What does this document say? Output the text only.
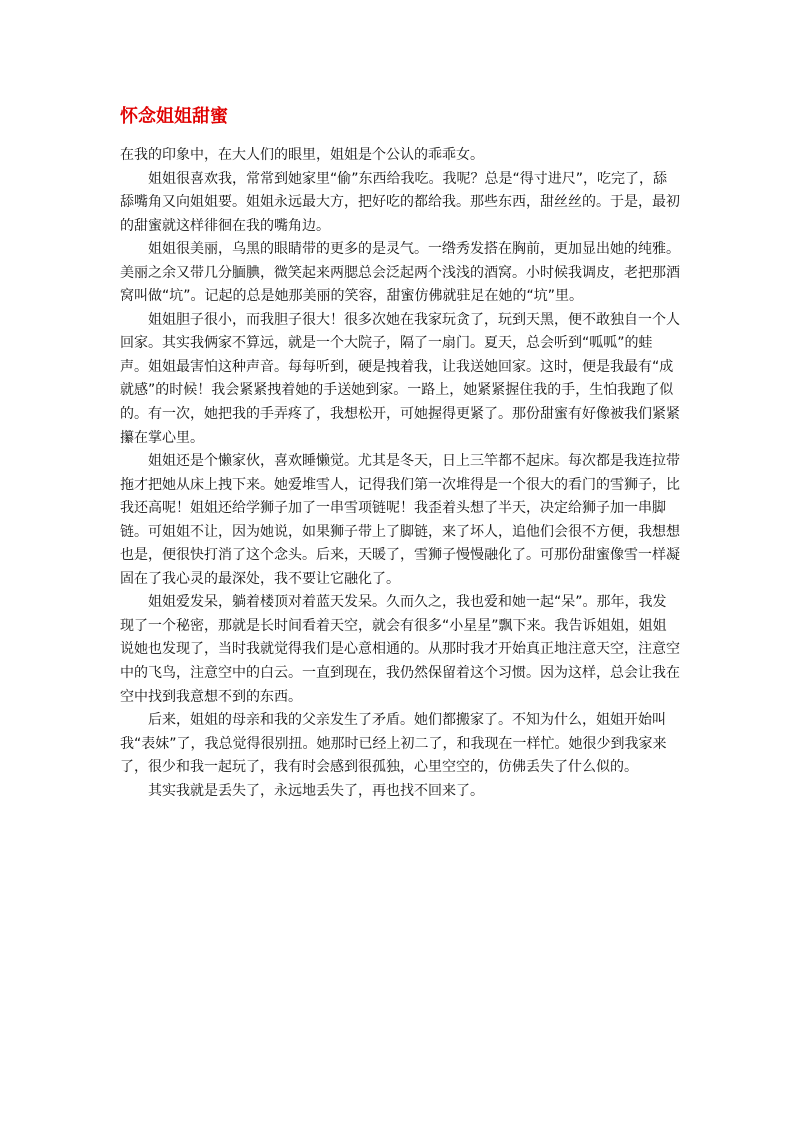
怀念姐姐甜蜜

在我的印象中，在大人们的眼里，姐姐是个公认的乖乖女。

姐姐很喜欢我，常常到她家里“偷”东西给我吃。我呢？总是“得寸进尺”，吃完了，舔舔嘴角又向姐姐要。姐姐永远最大方，把好吃的都给我。那些东西，甜丝丝的。于是，最初的甜蜜就这样徘徊在我的嘴角边。

姐姐很美丽，乌黑的眼睛带的更多的是灵气。一绺秀发搭在胸前，更加显出她的纯雅。美丽之余又带几分腼腆，微笑起来两腮总会泛起两个浅浅的酒窝。小时候我调皮，老把那酒窝叫做“坑”。记起的总是她那美丽的笑容，甜蜜仿佛就驻足在她的“坑”里。

姐姐胆子很小，而我胆子很大！很多次她在我家玩贪了，玩到天黑，便不敢独自一个人回家。其实我俩家不算远，就是一个大院子，隔了一扇门。夏天，总会听到“呱呱”的蛙声。姐姐最害怕这种声音。每每听到，硬是拽着我，让我送她回家。这时，便是我最有“成就感”的时候！我会紧紧拽着她的手送她到家。一路上，她紧紧握住我的手，生怕我跑了似的。有一次，她把我的手弄疼了，我想松开，可她握得更紧了。那份甜蜜有好像被我们紧紧攥在掌心里。

姐姐还是个懒家伙，喜欢睡懒觉。尤其是冬天，日上三竿都不起床。每次都是我连拉带拖才把她从床上拽下来。她爱堆雪人，记得我们第一次堆得是一个很大的看门的雪狮子，比我还高呢！姐姐还给学狮子加了一串雪项链呢！我歪着头想了半天，决定给狮子加一串脚链。可姐姐不让，因为她说，如果狮子带上了脚链，来了坏人，追他们会很不方便，我想想也是，便很快打消了这个念头。后来，天暖了，雪狮子慢慢融化了。可那份甜蜜像雪一样凝固在了我心灵的最深处，我不要让它融化了。

姐姐爱发呆，躺着楼顶对着蓝天发呆。久而久之，我也爱和她一起“呆”。那年，我发现了一个秘密，那就是长时间看着天空，就会有很多“小星星”飘下来。我告诉姐姐，姐姐说她也发现了，当时我就觉得我们是心意相通的。从那时我才开始真正地注意天空，注意空中的飞鸟，注意空中的白云。一直到现在，我仍然保留着这个习惯。因为这样，总会让我在空中找到我意想不到的东西。

后来，姐姐的母亲和我的父亲发生了矛盾。她们都搬家了。不知为什么，姐姐开始叫我“表妹”了，我总觉得很别扭。她那时已经上初二了，和我现在一样忙。她很少到我家来了，很少和我一起玩了，我有时会感到很孤独，心里空空的，仿佛丢失了什么似的。

其实我就是丢失了，永远地丢失了，再也找不回来了。
